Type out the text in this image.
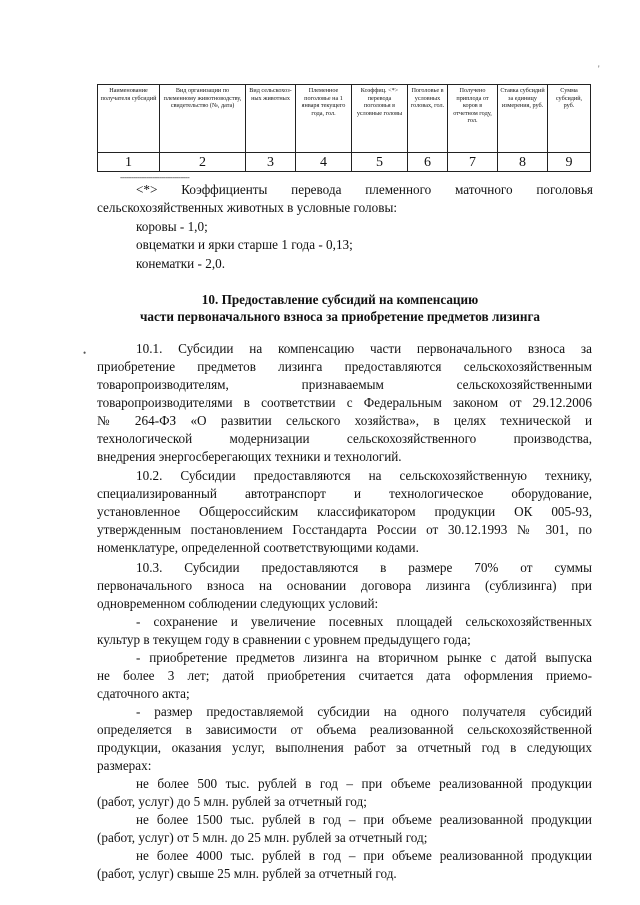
Наименование получателя субсидий
1
Вид организации по племенному животноводству, свидетельство (№, дата)
2
Вид сельскохоз-ных животных
3
Племенное поголовье на 1 января текущего года, гол.
4
Коэффиц. <*> перевода поголовья в условные головы
5
Поголовье в условных головах, гол.
6
Получено приплода от коров в отчетном году, гол.
7
Ставка субсидий за единицу измерения, руб.
8
Сумма субсидий, руб.
9
--------------------------------
<*> Коэффициенты перевода племенного маточного поголовья
сельскохозяйственных животных в условные головы:
коровы - 1,0;
овцематки и ярки старше 1 года - 0,13;
конематки - 2,0.
10. Предоставление субсидий на компенсацию
части первоначального взноса за приобретение предметов лизинга
10.1. Субсидии на компенсацию части первоначального взноса за
приобретение предметов лизинга предоставляются сельскохозяйственным
товаропроизводителям, признаваемым сельскохозяйственными
товаропроизводителями в соответствии с Федеральным законом от 29.12.2006
№ 264-ФЗ «О развитии сельского хозяйства», в целях технической и
технологической модернизации сельскохозяйственного производства,
внедрения энергосберегающих техники и технологий.
10.2. Субсидии предоставляются на сельскохозяйственную технику,
специализированный автотранспорт и технологическое оборудование,
установленное Общероссийским классификатором продукции ОК 005-93,
утвержденным постановлением Госстандарта России от 30.12.1993 № 301, по
номенклатуре, определенной соответствующими кодами.
10.3. Субсидии предоставляются в размере 70% от суммы
первоначального взноса на основании договора лизинга (сублизинга) при
одновременном соблюдении следующих условий:
- сохранение и увеличение посевных площадей сельскохозяйственных
культур в текущем году в сравнении с уровнем предыдущего года;
- приобретение предметов лизинга на вторичном рынке с датой выпуска
не более 3 лет; датой приобретения считается дата оформления приемо-
сдаточного акта;
- размер предоставляемой субсидии на одного получателя субсидий
определяется в зависимости от объема реализованной сельскохозяйственной
продукции, оказания услуг, выполнения работ за отчетный год в следующих
размерах:
не более 500 тыс. рублей в год – при объеме реализованной продукции
(работ, услуг) до 5 млн. рублей за отчетный год;
не более 1500 тыс. рублей в год – при объеме реализованной продукции
(работ, услуг) от 5 млн. до 25 млн. рублей за отчетный год;
не более 4000 тыс. рублей в год – при объеме реализованной продукции
(работ, услуг) свыше 25 млн. рублей за отчетный год.
•
'
